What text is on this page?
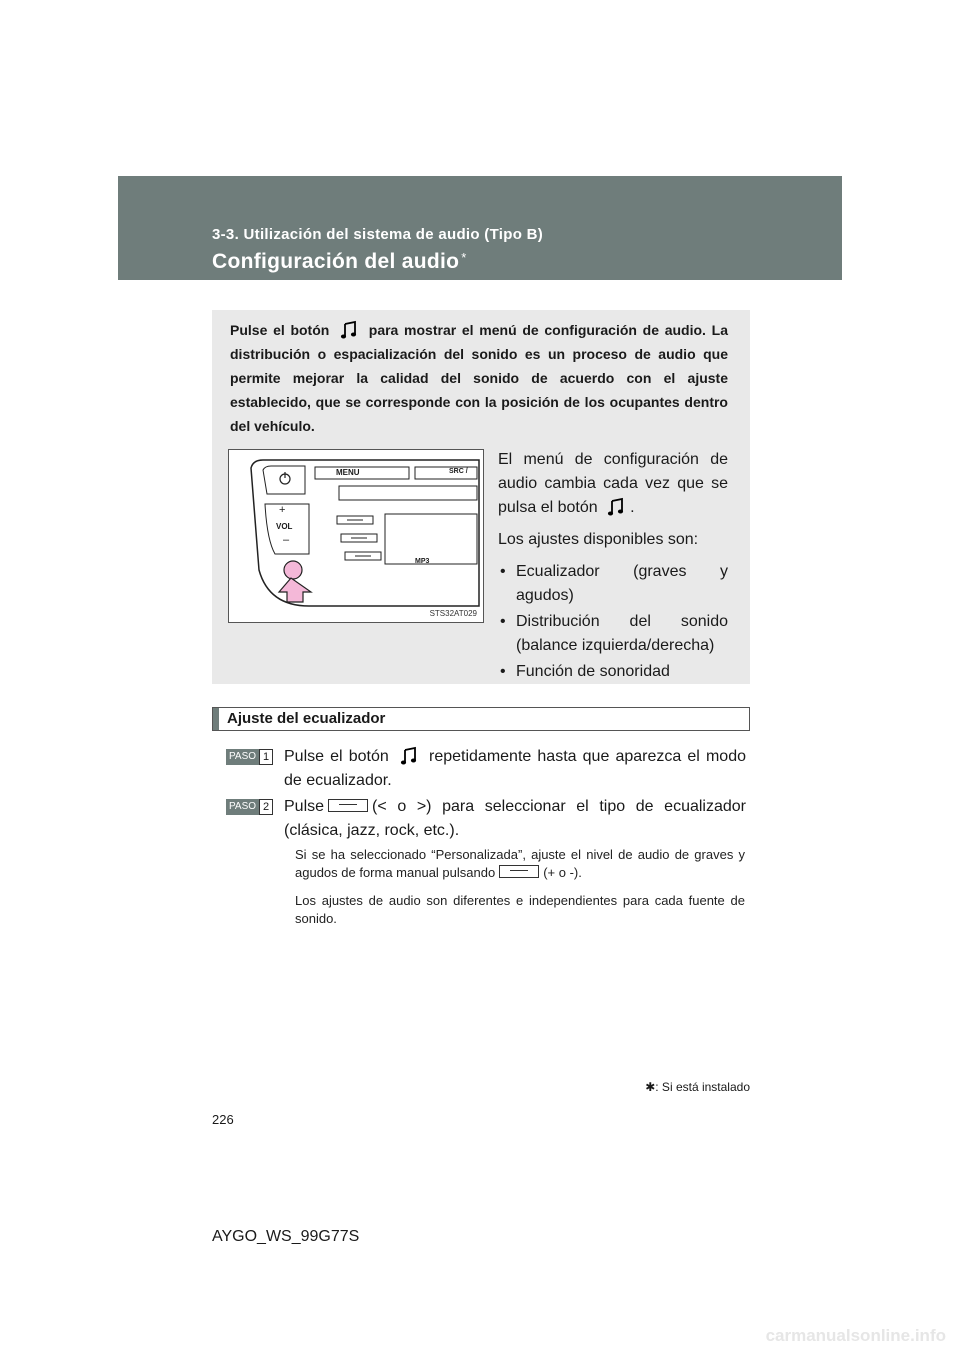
3-3. Utilización del sistema de audio (Tipo B)
Configuración del audio *
Pulse el botón	para mostrar el menú de configuración de audio. La distribución o espacialización del sonido es un proceso de audio que permite mejorar la calidad del sonido de acuerdo con el ajuste establecido, que se corresponde con la posición de los ocupantes dentro del vehículo.
MENU	SRC /
+
VOL
–
MP3
STS32AT029

El menú de configuración de audio cambia cada vez que se pulsa el botón .

Los ajustes disponibles son:

• Ecualizador (graves y agudos)
• Distribución del sonido (balance izquierda/derecha)
• Función de sonoridad
Ajuste del ecualizador
PASO 1 Pulse el botón	repetidamente hasta que aparezca el modo de ecualizador.
PASO 2 Pulse	(< o >) para seleccionar el tipo de ecualizador (clásica, jazz, rock, etc.).
Si se ha seleccionado “Personalizada”, ajuste el nivel de audio de graves y agudos de forma manual pulsando	(+ o -).
Los ajustes de audio son diferentes e independientes para cada fuente de sonido.
✱: Si está instalado
226
AYGO_WS_99G77S
carmanualsonline.info
